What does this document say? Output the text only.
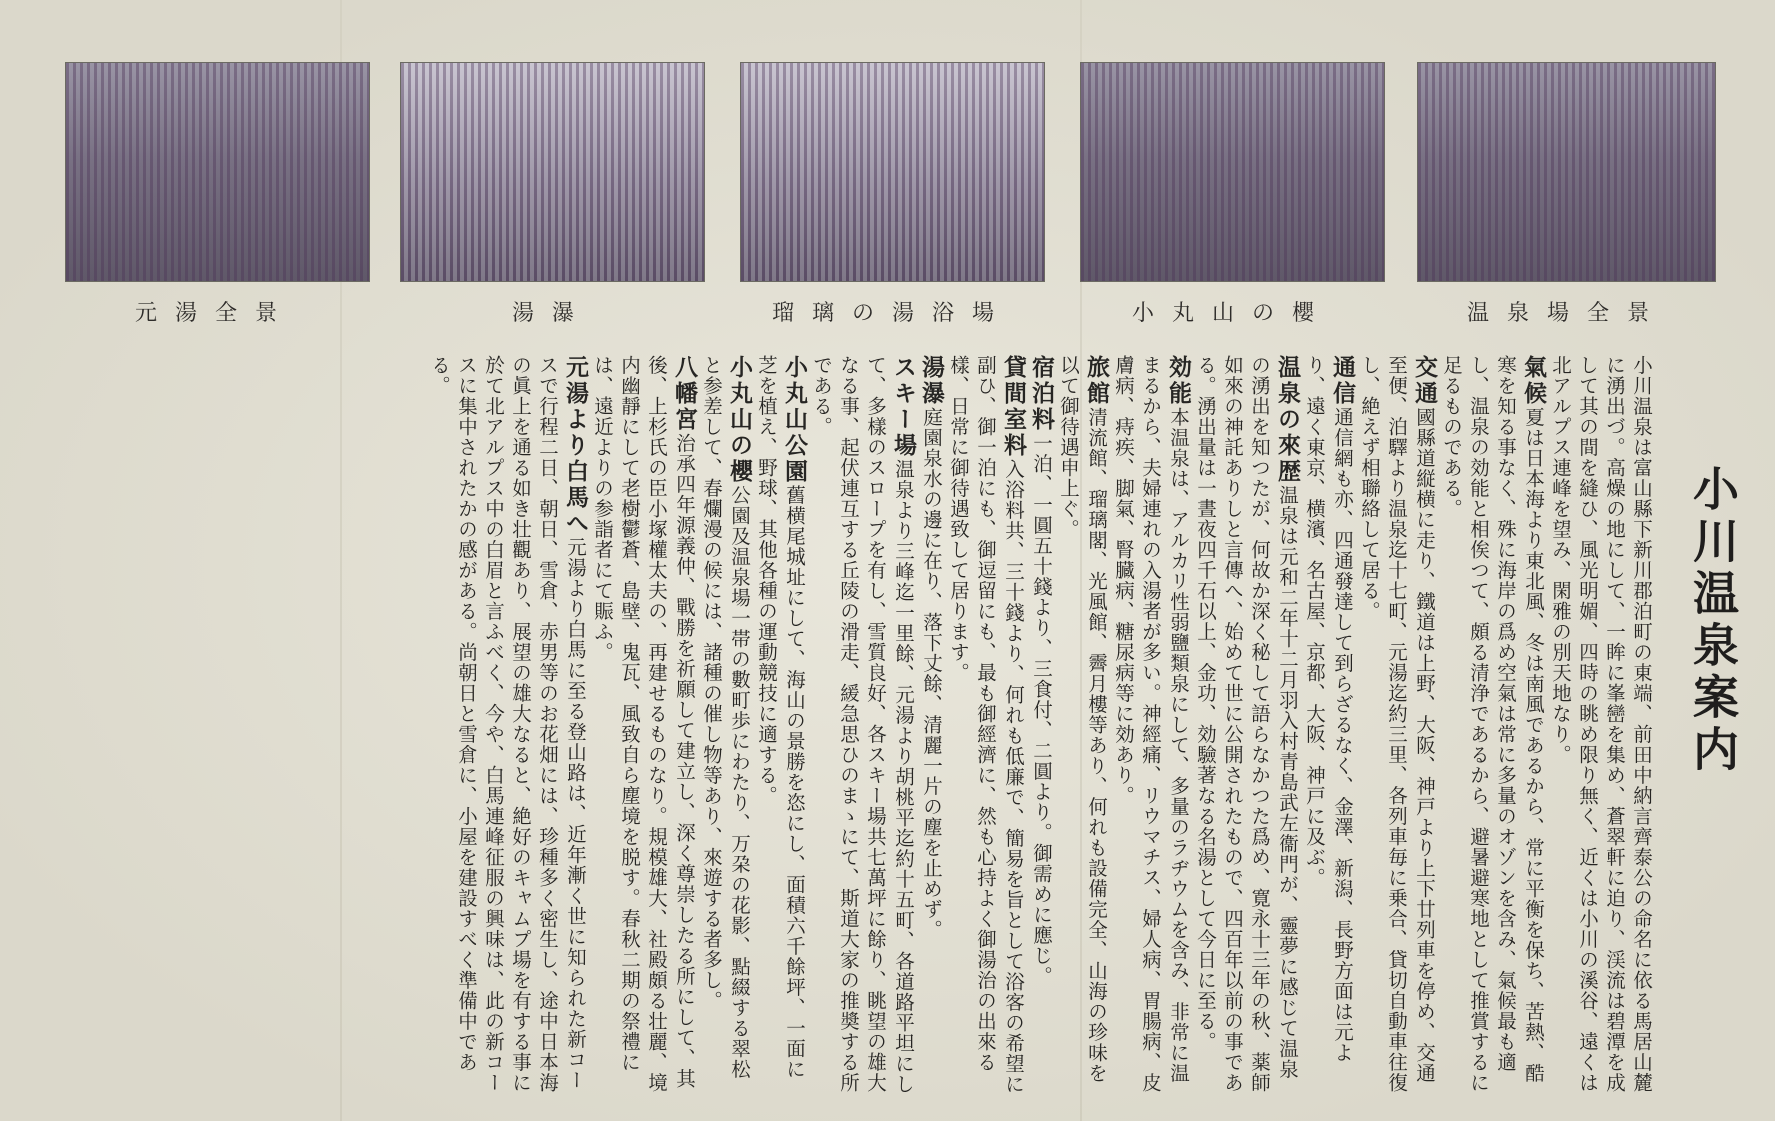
温泉場全景
小丸山の櫻
瑠璃の湯浴場
湯瀑
元湯全景
小川温泉案内

小川温泉は富山縣下新川郡泊町の東端、前田中納言齊泰公の命名に依る馬居山麓に湧出づ。高燥の地にして、一眸に峯巒を集め、蒼翠軒に迫り、渓流は碧潭を成して其の間を縫ひ、風光明媚、四時の眺め限り無く、近くは小川の溪谷、遠くは北アルプス連峰を望み、閑雅の別天地なり。

氣候夏は日本海より東北風、冬は南風であるから、常に平衡を保ち、苦熱、酷寒を知る事なく、殊に海岸の爲め空氣は常に多量のオゾンを含み、氣候最も適し、温泉の効能と相俟つて、頗る清浄であるから、避暑避寒地として推賞するに足るものである。

交通國縣道縦横に走り、鐵道は上野、大阪、神戸より上下廿列車を停め、交通至便、泊驛より温泉迄十七町、元湯迄約三里、各列車毎に乗合、貸切自動車往復し、絶えず相聯絡して居る。

通信通信網も亦、四通發達して到らざるなく、金澤、新潟、長野方面は元より、遠く東京、横濱、名古屋、京都、大阪、神戸に及ぶ。

温泉の來歴温泉は元和二年十二月羽入村青島武左衞門が、靈夢に感じて温泉の湧出を知つたが、何故か深く秘して語らなかつた爲め、寛永十三年の秋、薬師如來の神託ありしと言傳へ、始めて世に公開されたもので、四百年以前の事である。湧出量は一晝夜四千石以上、金功、効驗著なる名湯として今日に至る。

効能本温泉は、アルカリ性弱鹽類泉にして、多量のラヂウムを含み、非常に温まるから、夫婦連れの入湯者が多い。神經痛、リウマチス、婦人病、胃腸病、皮膚病、痔疾、脚氣、腎臓病、糖尿病等に効あり。

旅館清流館、瑠璃閣、光風館、霽月樓等あり、何れも設備完全、山海の珍味を以て御待遇申上ぐ。

宿泊料一泊、一圓五十錢より、三食付、二圓より。御需めに應じ。

貸間室料入浴料共、三十錢より、何れも低廉で、簡易を旨として浴客の希望に副ひ、御一泊にも、御逗留にも、最も御經濟に、然も心持よく御湯治の出來る樣、日常に御待遇致して居ります。

湯瀑庭園泉水の邊に在り、落下丈餘、清麗一片の塵を止めず。

スキー場温泉より三峰迄一里餘、元湯より胡桃平迄約十五町、各道路平坦にして、多樣のスロープを有し、雪質良好、各スキー場共七萬坪に餘り、眺望の雄大なる事、起伏連互する丘陵の滑走、緩急思ひのまゝにて、斯道大家の推奬する所である。

小丸山公園舊横尾城址にして、海山の景勝を恣にし、面積六千餘坪、一面に芝を植え、野球、其他各種の運動競技に適する。

小丸山の櫻公園及温泉場一帯の數町歩にわたり、万朶の花影、點綴する翠松と参差して、春爛漫の候には、諸種の催し物等あり、來遊する者多し。

八幡宮治承四年源義仲、戰勝を祈願して建立し、深く尊崇したる所にして、其後、上杉氏の臣小塚權太夫の、再建せるものなり。規模雄大、社殿頗る壮麗、境内幽靜にして老樹鬱蒼、島壁、鬼瓦、風致自ら塵境を脱す。春秋二期の祭禮には、遠近よりの参詣者にて賑ふ。

元湯より白馬へ元湯より白馬に至る登山路は、近年漸く世に知られた新コースで行程二日、朝日、雪倉、赤男等のお花畑には、珍種多く密生し、途中日本海の眞上を通る如き壮觀あり、展望の雄大なると、絶好のキャムプ場を有する事に於て北アルプス中の白眉と言ふべく、今や、白馬連峰征服の興味は、此の新コースに集中されたかの感がある。尚朝日と雪倉に、小屋を建設すべく準備中である。
